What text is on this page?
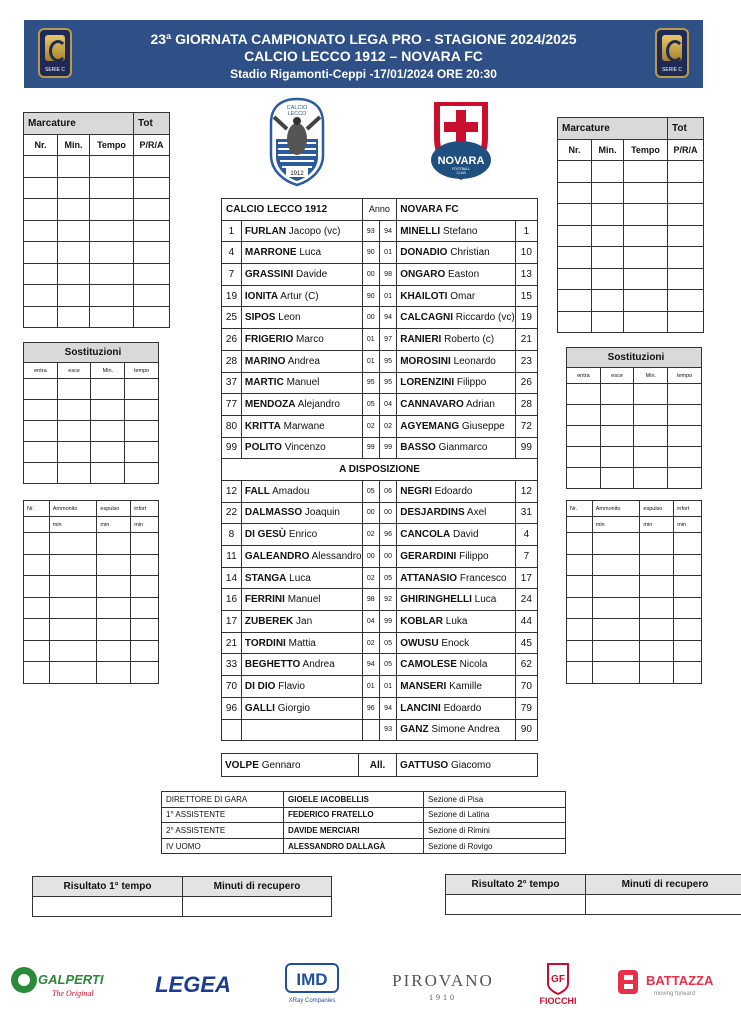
SERIE C
23ª GIORNATA CAMPIONATO LEGA PRO - STAGIONE 2024/2025
CALCIO LECCO 1912 – NOVARA FC
Stadio Rigamonti-Ceppi -17/01/2024 ORE 20:30	SERIE C
Marcature			Tot
Nr.	Min.	Tempo	P/R/A

Marcature			Tot
Nr.	Min.	Tempo	P/R/A

Sostituzioni			
entra	esce	Min.	tempo

Sostituzioni			
entra	esce	Min.	tempo

Nr.	Ammonito	espulso	infort
	min	min	min

Nr.	Ammonito	espulso	infort
	min	min	min

CALCIO
LECCO
1912
NOVARA
FOOTBALL
CLUB
CALCIO LECCO 1912		Anno		NOVARA FC	
1	FURLAN Jacopo (vc)	93	94	MINELLI Stefano	1
4	MARRONE Luca	90	01	DONADIO Christian	10
7	GRASSINI Davide	00	98	ONGARO Easton	13
19	IONITA Artur (C)	90	01	KHAILOTI Omar	15
25	SIPOS Leon	00	94	CALCAGNI Riccardo (vc)	19
26	FRIGERIO Marco	01	97	RANIERI Roberto (c)	21
28	MARINO Andrea	01	95	MOROSINI Leonardo	23
37	MARTIC Manuel	95	95	LORENZINI Filippo	26
77	MENDOZA Alejandro	05	04	CANNAVARO Adrian	28
80	KRITTA Marwane	02	02	AGYEMANG Giuseppe	72
99	POLITO Vincenzo	99	99	BASSO Gianmarco	99
A DISPOSIZIONE					
12	FALL Amadou	05	06	NEGRI Edoardo	12
22	DALMASSO Joaquin	00	00	DESJARDINS Axel	31
8	DI GESÙ Enrico	02	96	CANCOLA David	4
11	GALEANDRO Alessandro	00	00	GERARDINI Filippo	7
14	STANGA Luca	02	05	ATTANASIO Francesco	17
16	FERRINI Manuel	98	92	GHIRINGHELLI Luca	24
17	ZUBEREK Jan	04	99	KOBLAR Luka	44
21	TORDINI Mattia	02	05	OWUSU Enock	45
33	BEGHETTO Andrea	94	05	CAMOLESE Nicola	62
70	DI DIO Flavio	01	01	MANSERI Kamille	70
96	GALLI Giorgio	96	94	LANCINI Edoardo	79
			93	GANZ Simone Andrea	90
VOLPE Gennaro	All.	GATTUSO Giacomo
DIRETTORE DI GARA	GIOELE IACOBELLIS	Sezione di Pisa
1° ASSISTENTE	FEDERICO FRATELLO	Sezione di Latina
2° ASSISTENTE	DAVIDE MERCIARI	Sezione di Rimini
IV UOMO	ALESSANDRO DALLAGÀ	Sezione di Rovigo
Risultato 1° tempo	Minuti di recupero
		Risultato 2° tempo	Minuti di recupero

GALPERTI
The Original	LEGEA	IMD
XRay Companies
PIROVANO
1910
GF
FIOCCHI
BATTAZZA
moving forward
